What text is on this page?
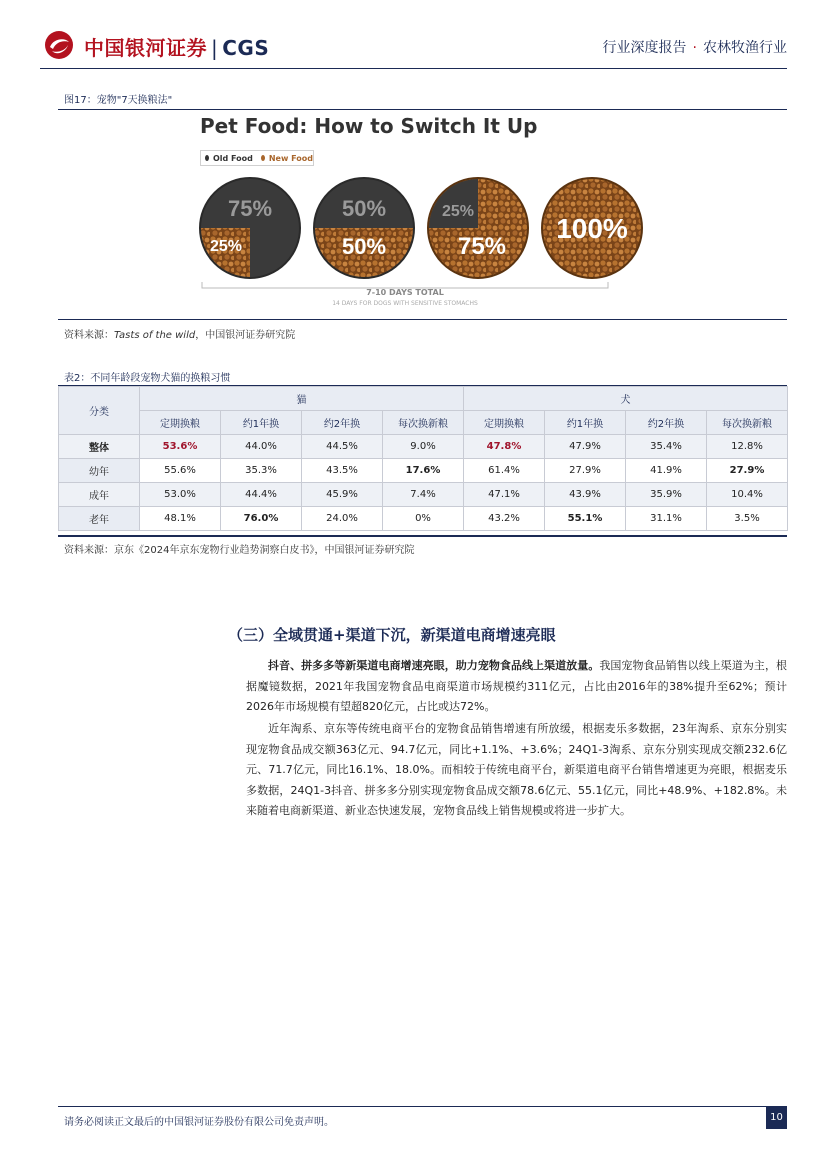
中国银河证券 | CGS	行业深度报告 · 农林牧渔行业
图17：宠物"7天换粮法"
Pet Food: How to Switch It Up
Old Food New Food
75%
25%
50%
50%
25%
75%
100%
7-10 DAYS TOTAL
14 DAYS FOR DOGS WITH SENSITIVE STOMACHS
资料来源：Tasts of the wild，中国银河证券研究院
表2：不同年龄段宠物犬猫的换粮习惯
分类	猫				犬			
	定期换粮	约1年换	约2年换	每次换新粮	定期换粮	约1年换	约2年换	每次换新粮
整体	53.6%	44.0%	44.5%	9.0%	47.8%	47.9%	35.4%	12.8%
幼年	55.6%	35.3%	43.5%	17.6%	61.4%	27.9%	41.9%	27.9%
成年	53.0%	44.4%	45.9%	7.4%	47.1%	43.9%	35.9%	10.4%
老年	48.1%	76.0%	24.0%	0%	43.2%	55.1%	31.1%	3.5%
资料来源：京东《2024年京东宠物行业趋势洞察白皮书》，中国银河证券研究院
（三）全域贯通+渠道下沉，新渠道电商增速亮眼
抖音、拼多多等新渠道电商增速亮眼，助力宠物食品线上渠道放量。我国宠物食品销售以线上渠道为主，根据魔镜数据，2021年我国宠物食品电商渠道市场规模约311亿元，占比由2016年的38%提升至62%；预计2026年市场规模有望超820亿元，占比或达72%。
近年淘系、京东等传统电商平台的宠物食品销售增速有所放缓，根据麦乐多数据，23年淘系、京东分别实现宠物食品成交额363亿元、94.7亿元，同比+1.1%、+3.6%；24Q1-3淘系、京东分别实现成交额232.6亿元、71.7亿元，同比16.1%、18.0%。而相较于传统电商平台，新渠道电商平台销售增速更为亮眼，根据麦乐多数据，24Q1-3抖音、拼多多分别实现宠物食品成交额78.6亿元、55.1亿元，同比+48.9%、+182.8%。未来随着电商新渠道、新业态快速发展，宠物食品线上销售规模或将进一步扩大。
请务必阅读正文最后的中国银河证券股份有限公司免责声明。	10
